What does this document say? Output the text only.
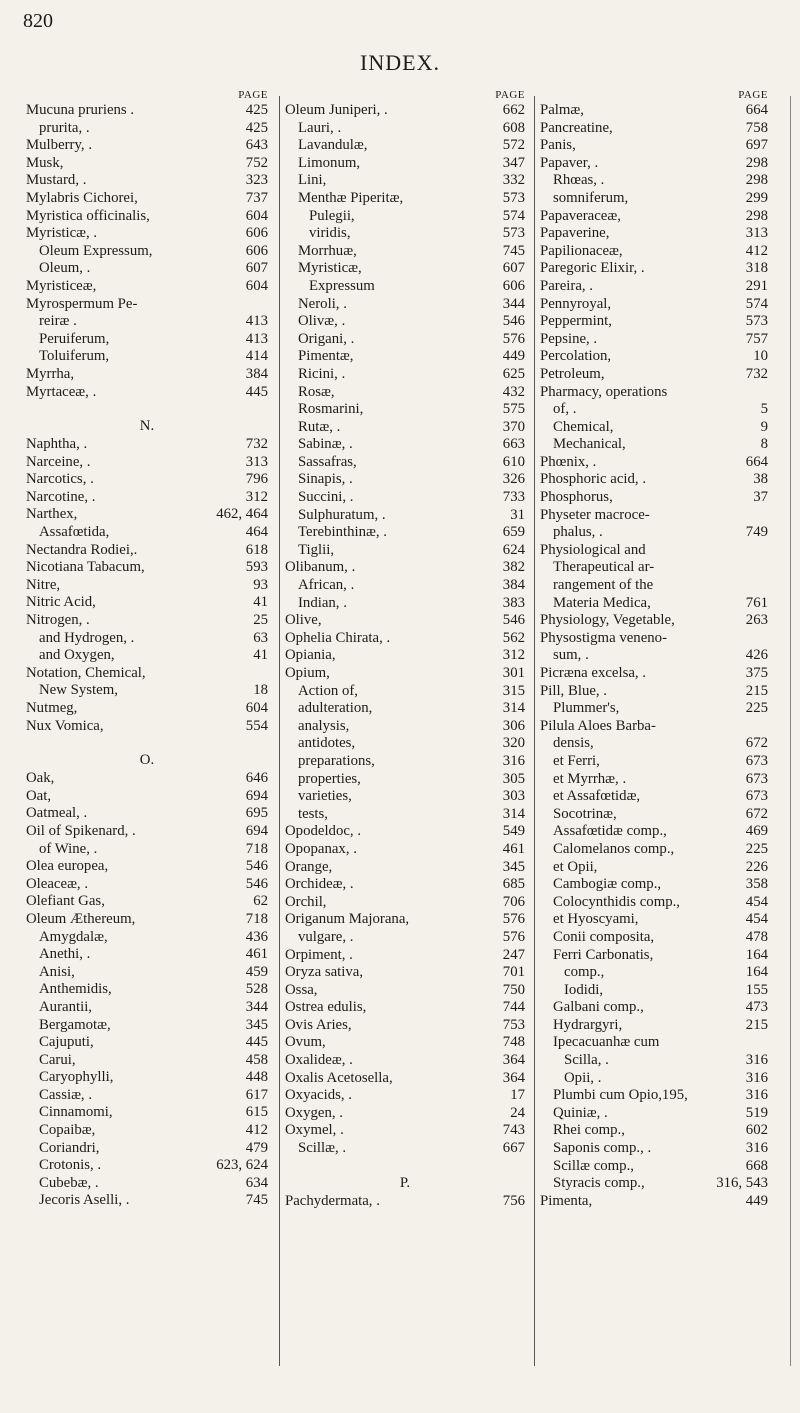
820
INDEX.
PAGE
Mucuna pruriens .	425
prurita, .	425
Mulberry, .	643
Musk,	752
Mustard, .	323
Mylabris Cichorei,	737
Myristica officinalis,	604
Myristicæ, .	606
Oleum Expressum,	606
Oleum, .	607
Myristiceæ,	604
Myrospermum Pe-
reiræ .	413
Peruiferum,	413
Toluiferum,	414
Myrrha,	384
Myrtaceæ, .	445
N.
Naphtha, .	732
Narceine, .	313
Narcotics, .	796
Narcotine, .	312
Narthex,	462, 464
Assafœtida,	464
Nectandra Rodiei,.	618
Nicotiana Tabacum,	593
Nitre,	93
Nitric Acid,	41
Nitrogen, .	25
and Hydrogen, .	63
and Oxygen,	41
Notation, Chemical,
New System,	18
Nutmeg,	604
Nux Vomica,	554
O.
Oak,	646
Oat,	694
Oatmeal, .	695
Oil of Spikenard, .	694
of Wine, .	718
Olea europea,	546
Oleaceæ, .	546
Olefiant Gas,	62
Oleum Æthereum,	718
Amygdalæ,	436
Anethi, .	461
Anisi,	459
Anthemidis,	528
Aurantii,	344
Bergamotæ,	345
Cajuputi,	445
Carui,	458
Caryophylli,	448
Cassiæ, .	617
Cinnamomi,	615
Copaibæ,	412
Coriandri,	479
Crotonis, .	623, 624
Cubebæ, .	634
Jecoris Aselli, .	745
PAGE
Oleum Juniperi, .	662
Lauri, .	608
Lavandulæ,	572
Limonum,	347
Lini,	332
Menthæ Piperitæ,	573
Pulegii,	574
viridis,	573
Morrhuæ,	745
Myristicæ,	607
Expressum	606
Neroli, .	344
Olivæ, .	546
Origani, .	576
Pimentæ,	449
Ricini, .	625
Rosæ,	432
Rosmarini,	575
Rutæ, .	370
Sabinæ, .	663
Sassafras,	610
Sinapis, .	326
Succini, .	733
Sulphuratum, .	31
Terebinthinæ, .	659
Tiglii,	624
Olibanum, .	382
African, .	384
Indian, .	383
Olive,	546
Ophelia Chirata, .	562
Opiania,	312
Opium,	301
Action of,	315
adulteration,	314
analysis,	306
antidotes,	320
preparations,	316
properties,	305
varieties,	303
tests,	314
Opodeldoc, .	549
Opopanax, .	461
Orange,	345
Orchideæ, .	685
Orchil,	706
Origanum Majorana,	576
vulgare, .	576
Orpiment, .	247
Oryza sativa,	701
Ossa,	750
Ostrea edulis,	744
Ovis Aries,	753
Ovum,	748
Oxalideæ, .	364
Oxalis Acetosella,	364
Oxyacids, .	17
Oxygen, .	24
Oxymel, .	743
Scillæ, .	667
P.
Pachydermata, .	756
PAGE
Palmæ,	664
Pancreatine,	758
Panis,	697
Papaver, .	298
Rhœas, .	298
somniferum,	299
Papaveraceæ,	298
Papaverine,	313
Papilionaceæ,	412
Paregoric Elixir, .	318
Pareira, .	291
Pennyroyal,	574
Peppermint,	573
Pepsine, .	757
Percolation,	10
Petroleum,	732
Pharmacy, operations
of, .	5
Chemical,	9
Mechanical,	8
Phœnix, .	664
Phosphoric acid, .	38
Phosphorus,	37
Physeter macroce-
phalus, .	749
Physiological and
Therapeutical ar-
rangement of the
Materia Medica,	761
Physiology, Vegetable,	263
Physostigma veneno-
sum, .	426
Picræna excelsa, .	375
Pill, Blue, .	215
Plummer's,	225
Pilula Aloes Barba-
densis,	672
et Ferri,	673
et Myrrhæ, .	673
et Assafœtidæ,	673
Socotrinæ,	672
Assafœtidæ comp.,	469
Calomelanos comp.,	225
et Opii,	226
Cambogiæ comp.,	358
Colocynthidis comp.,	454
et Hyoscyami,	454
Conii composita,	478
Ferri Carbonatis,	164
comp.,	164
Iodidi,	155
Galbani comp.,	473
Hydrargyri,	215
Ipecacuanhæ cum
Scilla, .	316
Opii, .	316
Plumbi cum Opio,195,	316
Quiniæ, .	519
Rhei comp.,	602
Saponis comp., .	316
Scillæ comp.,	668
Styracis comp.,	316, 543
Pimenta,	449
